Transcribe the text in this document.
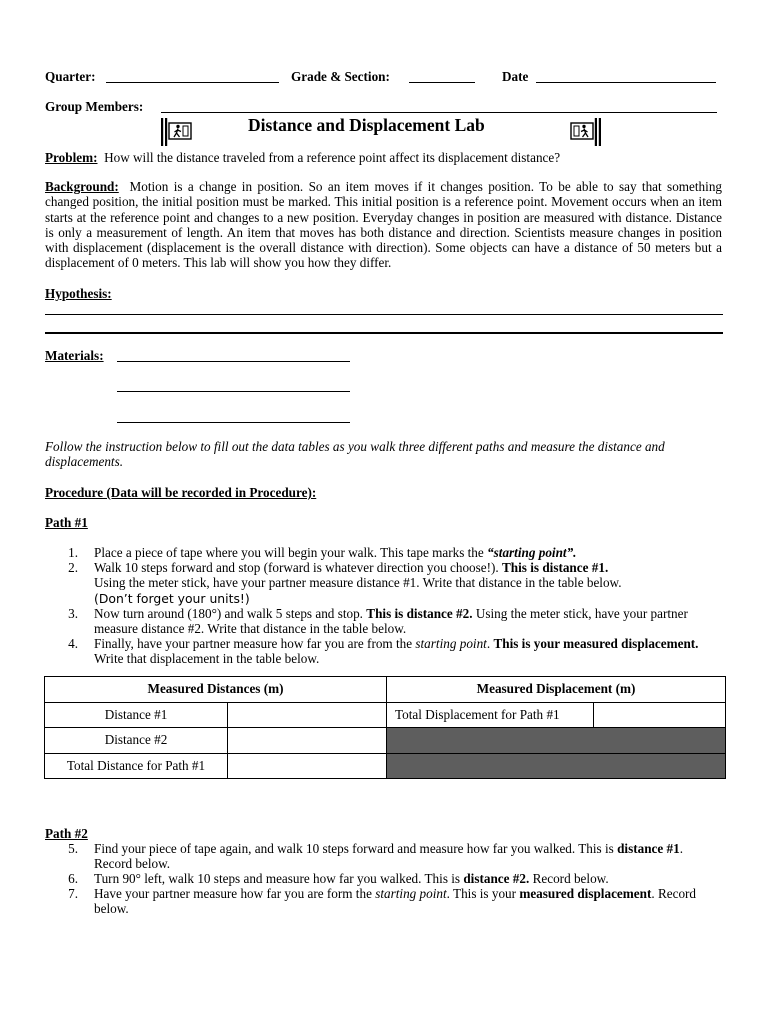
Quarter:	Grade & Section:	Date
Group Members:
Distance and Displacement Lab
Problem: How will the distance traveled from a reference point affect its displacement distance?
Background: Motion is a change in position. So an item moves if it changes position. To be able to say that something changed position, the initial position must be marked. This initial position is a reference point. Movement occurs when an item starts at the reference point and changes to a new position. Everyday changes in position are measured with distance. Distance is only a measurement of length. An item that moves has both distance and direction. Scientists measure changes in position with displacement (displacement is the overall distance with direction). Some objects can have a distance of 50 meters but a displacement of 0 meters. This lab will show you how they differ.
Hypothesis:
Materials:
Follow the instruction below to fill out the data tables as you walk three different paths and measure the distance and displacements.
Procedure (Data will be recorded in Procedure):
Path #1
1. Place a piece of tape where you will begin your walk. This tape marks the “starting point”.
2. Walk 10 steps forward and stop (forward is whatever direction you choose!). This is distance #1.
Using the meter stick, have your partner measure distance #1. Write that distance in the table below.
(Don’t forget your units!)
3. Now turn around (180°) and walk 5 steps and stop. This is distance #2. Using the meter stick, have your partner measure distance #2. Write that distance in the table below.
4. Finally, have your partner measure how far you are from the starting point. This is your measured displacement. Write that displacement in the table below.
Measured Distances (m)		Measured Displacement (m)	
Distance #1		Total Displacement for Path #1	
Distance #2			
Total Distance for Path #1			
Path #2
5. Find your piece of tape again, and walk 10 steps forward and measure how far you walked. This is distance #1. Record below.
6. Turn 90° left, walk 10 steps and measure how far you walked. This is distance #2. Record below.
7. Have your partner measure how far you are form the starting point. This is your measured displacement. Record below.
